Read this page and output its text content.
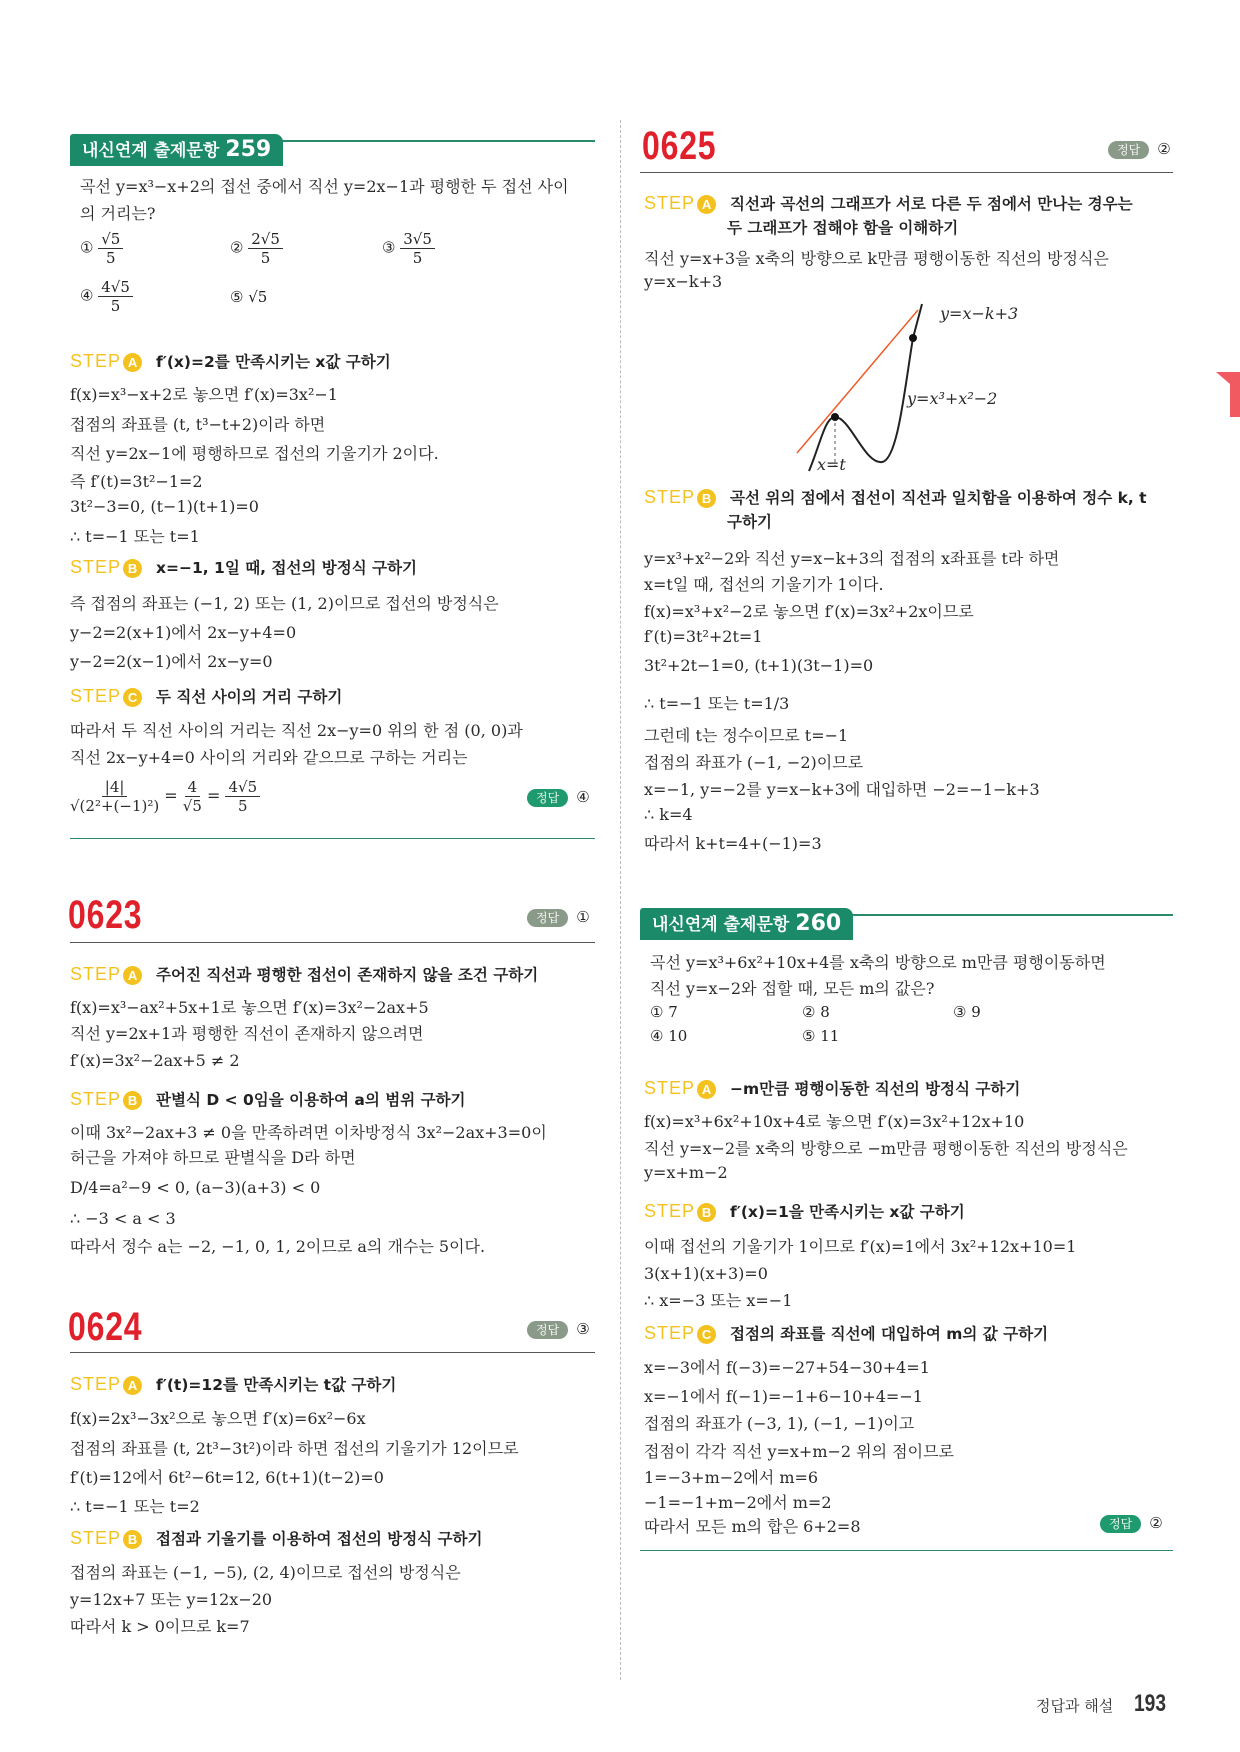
내신연계 출제문항 259
곡선 y=x³−x+2의 접선 중에서 직선 y=2x−1과 평행한 두 접선 사이
의 거리는?
① $\frac{√5}{5}$	② $\frac{2√5}{5}$	③ $\frac{3√5}{5}$
④ $\frac{4√5}{5}$	⑤ √5
$\frac{|4|}{\text{√(2²+(−1)²)}} = \frac{4}{√5} = \frac{4√5}{5}$	정답 ④
0623	정답 ①
0624	정답 ③
0625	정답 ②
y=x−k+3
y=x³+x²−2
x=t
내신연계 출제문항 260
곡선 y=x³+6x²+10x+4를 x축의 방향으로 m만큼 평행이동하면
직선 y=x−2와 접할 때, 모든 m의 값은?
① 7	② 8	③ 9
④ 10	⑤ 11
정답 ②
정답과 해설 193
STEP A f′(x)=2를 만족시키는 x값 구하기
f(x)=x³−x+2로 놓으면 f′(x)=3x²−1
접점의 좌표를 (t, t³−t+2)이라 하면
직선 y=2x−1에 평행하므로 접선의 기울기가 2이다.
즉 f′(t)=3t²−1=2
3t²−3=0, (t−1)(t+1)=0
∴ t=−1 또는 t=1
STEP B x=−1, 1일 때, 접선의 방정식 구하기
즉 접점의 좌표는 (−1, 2) 또는 (1, 2)이므로 접선의 방정식은
y−2=2(x+1)에서 2x−y+4=0
y−2=2(x−1)에서 2x−y=0
STEP C 두 직선 사이의 거리 구하기
따라서 두 직선 사이의 거리는 직선 2x−y=0 위의 한 점 (0, 0)과
직선 2x−y+4=0 사이의 거리와 같으므로 구하는 거리는
STEP A 주어진 직선과 평행한 접선이 존재하지 않을 조건 구하기
f(x)=x³−ax²+5x+1로 놓으면 f′(x)=3x²−2ax+5
직선 y=2x+1과 평행한 직선이 존재하지 않으려면
f′(x)=3x²−2ax+5 ≠ 2
STEP B 판별식 D < 0임을 이용하여 a의 범위 구하기
이때 3x²−2ax+3 ≠ 0을 만족하려면 이차방정식 3x²−2ax+3=0이
허근을 가져야 하므로 판별식을 D라 하면
D/4=a²−9 < 0, (a−3)(a+3) < 0
∴ −3 < a < 3
따라서 정수 a는 −2, −1, 0, 1, 2이므로 a의 개수는 5이다.
STEP A f′(t)=12를 만족시키는 t값 구하기
f(x)=2x³−3x²으로 놓으면 f′(x)=6x²−6x
접점의 좌표를 (t, 2t³−3t²)이라 하면 접선의 기울기가 12이므로
f′(t)=12에서 6t²−6t=12, 6(t+1)(t−2)=0
∴ t=−1 또는 t=2
STEP B 접점과 기울기를 이용하여 접선의 방정식 구하기
접점의 좌표는 (−1, −5), (2, 4)이므로 접선의 방정식은
y=12x+7 또는 y=12x−20
따라서 k > 0이므로 k=7
STEP A 직선과 곡선의 그래프가 서로 다른 두 점에서 만나는 경우는
두 그래프가 접해야 함을 이해하기
직선 y=x+3을 x축의 방향으로 k만큼 평행이동한 직선의 방정식은
y=x−k+3
STEP B 곡선 위의 점에서 접선이 직선과 일치함을 이용하여 정수 k, t
구하기
y=x³+x²−2와 직선 y=x−k+3의 접점의 x좌표를 t라 하면
x=t일 때, 접선의 기울기가 1이다.
f(x)=x³+x²−2로 놓으면 f′(x)=3x²+2x이므로
f′(t)=3t²+2t=1
3t²+2t−1=0, (t+1)(3t−1)=0
∴ t=−1 또는 t=1/3
그런데 t는 정수이므로 t=−1
접점의 좌표가 (−1, −2)이므로
x=−1, y=−2를 y=x−k+3에 대입하면 −2=−1−k+3
∴ k=4
따라서 k+t=4+(−1)=3
STEP A −m만큼 평행이동한 직선의 방정식 구하기
f(x)=x³+6x²+10x+4로 놓으면 f′(x)=3x²+12x+10
직선 y=x−2를 x축의 방향으로 −m만큼 평행이동한 직선의 방정식은
y=x+m−2
STEP B f′(x)=1을 만족시키는 x값 구하기
이때 접선의 기울기가 1이므로 f′(x)=1에서 3x²+12x+10=1
3(x+1)(x+3)=0
∴ x=−3 또는 x=−1
STEP C 접점의 좌표를 직선에 대입하여 m의 값 구하기
x=−3에서 f(−3)=−27+54−30+4=1
x=−1에서 f(−1)=−1+6−10+4=−1
접점의 좌표가 (−3, 1), (−1, −1)이고
접점이 각각 직선 y=x+m−2 위의 점이므로
1=−3+m−2에서 m=6
−1=−1+m−2에서 m=2
따라서 모든 m의 합은 6+2=8
